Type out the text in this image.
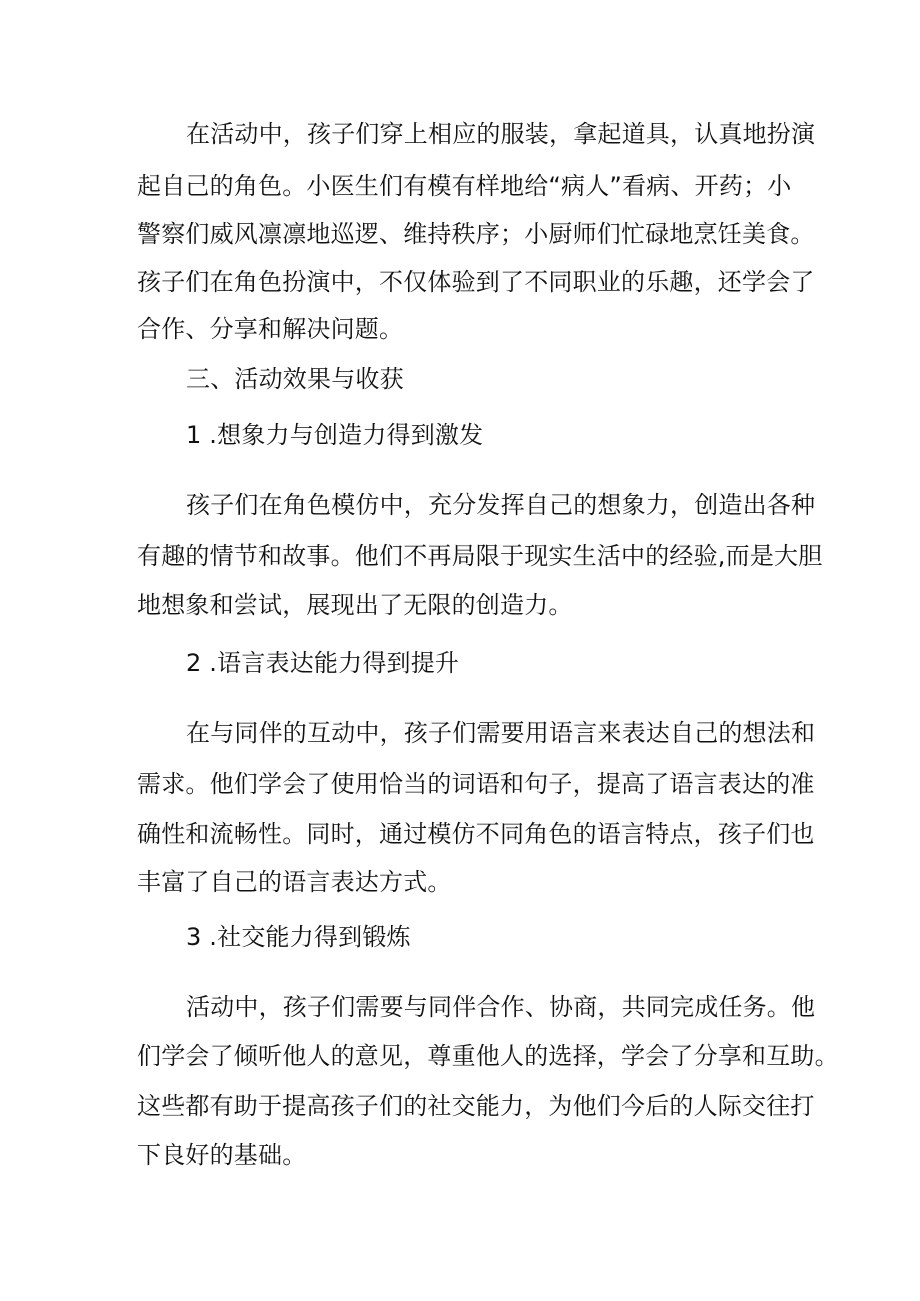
在活动中，孩子们穿上相应的服装，拿起道具，认真地扮演
起自己的角色。小医生们有模有样地给“病人”看病、开药；小
警察们威风凛凛地巡逻、维持秩序；小厨师们忙碌地烹饪美食。
孩子们在角色扮演中，不仅体验到了不同职业的乐趣，还学会了
合作、分享和解决问题。
三、活动效果与收获
1 .想象力与创造力得到激发
孩子们在角色模仿中，充分发挥自己的想象力，创造出各种
有趣的情节和故事。他们不再局限于现实生活中的经验,而是大胆
地想象和尝试，展现出了无限的创造力。
2 .语言表达能力得到提升
在与同伴的互动中，孩子们需要用语言来表达自己的想法和
需求。他们学会了使用恰当的词语和句子，提高了语言表达的准
确性和流畅性。同时，通过模仿不同角色的语言特点，孩子们也
丰富了自己的语言表达方式。
3 .社交能力得到锻炼
活动中，孩子们需要与同伴合作、协商，共同完成任务。他
们学会了倾听他人的意见，尊重他人的选择，学会了分享和互助。
这些都有助于提高孩子们的社交能力，为他们今后的人际交往打
下良好的基础。
